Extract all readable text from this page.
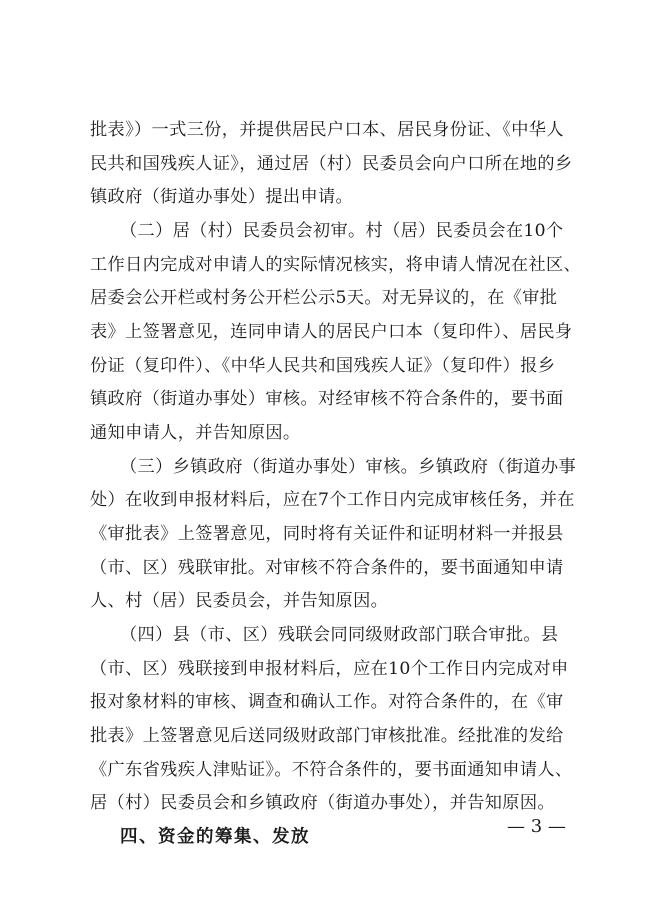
批表》）一式三份，并提供居民户口本、居民身份证、《中华人
民共和国残疾人证》，通过居（村）民委员会向户口所在地的乡
镇政府（街道办事处）提出申请。
（二）居（村）民委员会初审。村（居）民委员会在10个
工作日内完成对申请人的实际情况核实，将申请人情况在社区、
居委会公开栏或村务公开栏公示5天。对无异议的，在《审批
表》上签署意见，连同申请人的居民户口本（复印件）、居民身
份证（复印件）、《中华人民共和国残疾人证》（复印件）报乡
镇政府（街道办事处）审核。对经审核不符合条件的，要书面
通知申请人，并告知原因。
（三）乡镇政府（街道办事处）审核。乡镇政府（街道办事
处）在收到申报材料后，应在7个工作日内完成审核任务，并在
《审批表》上签署意见，同时将有关证件和证明材料一并报县
（市、区）残联审批。对审核不符合条件的，要书面通知申请
人、村（居）民委员会，并告知原因。
（四）县（市、区）残联会同同级财政部门联合审批。县
（市、区）残联接到申报材料后，应在10个工作日内完成对申
报对象材料的审核、调查和确认工作。对符合条件的，在《审
批表》上签署意见后送同级财政部门审核批准。经批准的发给
《广东省残疾人津贴证》。不符合条件的，要书面通知申请人、
居（村）民委员会和乡镇政府（街道办事处），并告知原因。
四、资金的筹集、发放	— 3 —
